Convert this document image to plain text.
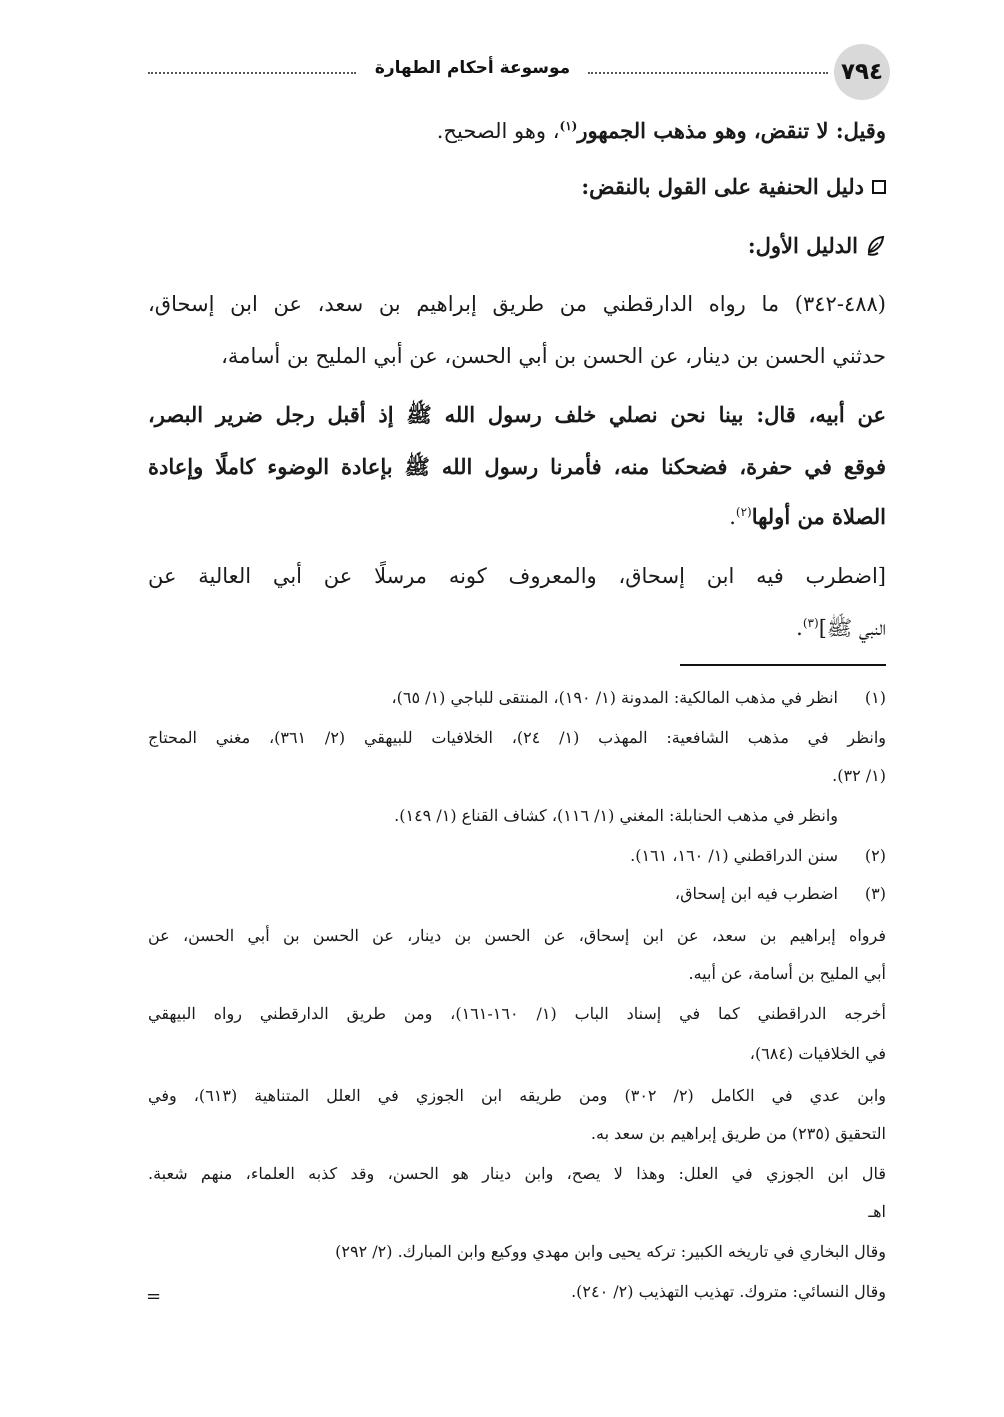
٧٩٤
موسوعة أحكام الطهارة
وقيل: لا تنقض، وهو مذهب الجمهور$^{(١)}$، وهو الصحيح.
دليل الحنفية على القول بالنقض:
الدليل الأول:
(٤٨٨-٣٤٢) ما رواه الدارقطني من طريق إبراهيم بن سعد، عن ابن إسحاق،
حدثني الحسن بن دينار، عن الحسن بن أبي الحسن، عن أبي المليح بن أسامة،
عن أبيه، قال: بينا نحن نصلي خلف رسول الله ﷺ إذ أقبل رجل ضرير البصر،
فوقع في حفرة، فضحكنا منه، فأمرنا رسول الله ﷺ بإعادة الوضوء كاملًا وإعادة
الصلاة من أولها$^{(٢)}$.
[اضطرب فيه ابن إسحاق، والمعروف كونه مرسلًا عن أبي العالية عن
النبي ﷺ]$^{(٣)}$.
(١)
انظر في مذهب المالكية: المدونة (١/ ١٩٠)، المنتقى للباجي (١/ ٦٥)،
وانظر في مذهب الشافعية: المهذب (١/ ٢٤)، الخلافيات للبيهقي (٢/ ٣٦١)، مغني المحتاج
(١/ ٣٢).
وانظر في مذهب الحنابلة: المغني (١/ ١١٦)، كشاف القناع (١/ ١٤٩).
(٢)
سنن الدراقطني (١/ ١٦٠، ١٦١).
(٣)
اضطرب فيه ابن إسحاق،
فرواه إبراهيم بن سعد، عن ابن إسحاق، عن الحسن بن دينار، عن الحسن بن أبي الحسن، عن
أبي المليح بن أسامة، عن أبيه.
أخرجه الدراقطني كما في إسناد الباب (١/ ١٦٠-١٦١)، ومن طريق الدارقطني رواه البيهقي
في الخلافيات (٦٨٤)،
وابن عدي في الكامل (٢/ ٣٠٢) ومن طريقه ابن الجوزي في العلل المتناهية (٦١٣)، وفي
التحقيق (٢٣٥) من طريق إبراهيم بن سعد به.
قال ابن الجوزي في العلل: وهذا لا يصح، وابن دينار هو الحسن، وقد كذبه العلماء، منهم شعبة.
اهـ
وقال البخاري في تاريخه الكبير: تركه يحيى وابن مهدي ووكيع وابن المبارك. (٢/ ٢٩٢)
وقال النسائي: متروك. تهذيب التهذيب (٢/ ٢٤٠).
=
